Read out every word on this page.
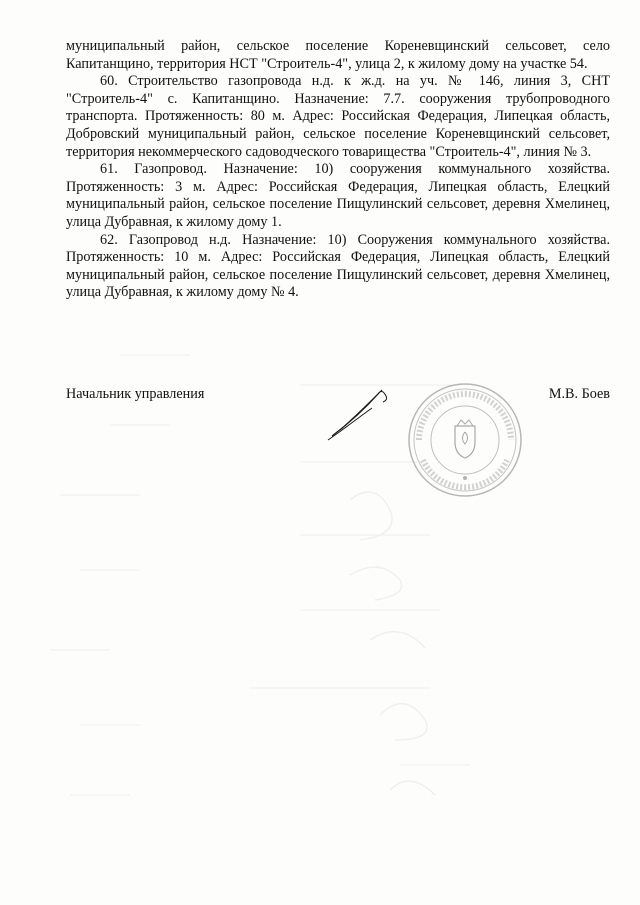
муниципальный район, сельское поселение Кореневщинский сельсовет, село Капитанщино, территория НСТ "Строитель-4", улица 2, к жилому дому на участке 54.

60. Строительство газопровода н.д. к ж.д. на уч. № 146, линия 3, СНТ "Строитель-4" с. Капитанщино. Назначение: 7.7. сооружения трубопроводного транспорта. Протяженность: 80 м. Адрес: Российская Федерация, Липецкая область, Добровский муниципальный район, сельское поселение Кореневщинский сельсовет, территория некоммерческого садоводческого товарищества "Строитель-4", линия № 3.

61. Газопровод. Назначение: 10) сооружения коммунального хозяйства. Протяженность: 3 м. Адрес: Российская Федерация, Липецкая область, Елецкий муниципальный район, сельское поселение Пищулинский сельсовет, деревня Хмелинец, улица Дубравная, к жилому дому 1.

62. Газопровод н.д. Назначение: 10) Сооружения коммунального хозяйства. Протяженность: 10 м. Адрес: Российская Федерация, Липецкая область, Елецкий муниципальный район, сельское поселение Пищулинский сельсовет, деревня Хмелинец, улица Дубравная, к жилому дому № 4.

Начальник управления	М.В. Боев
